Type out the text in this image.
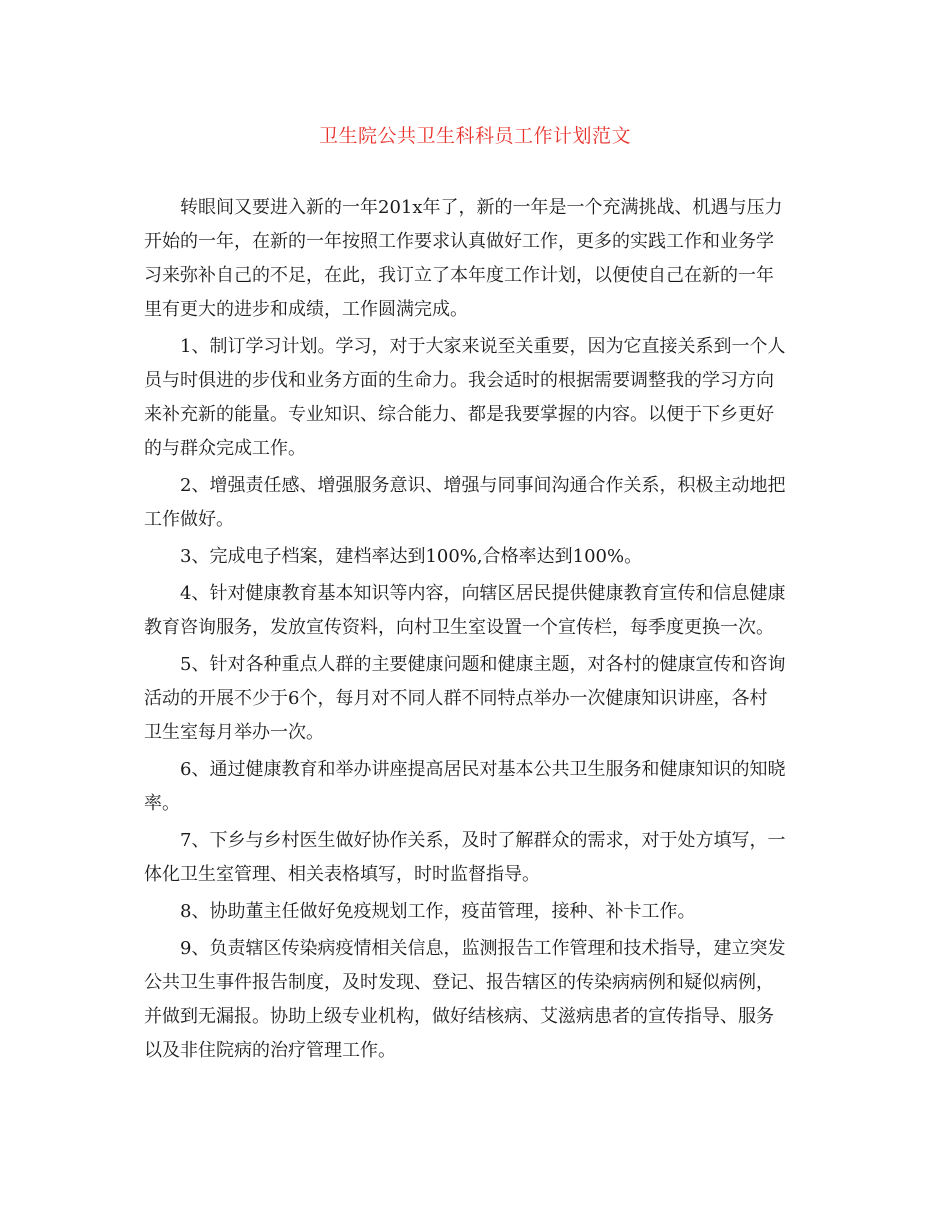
卫生院公共卫生科科员工作计划范文

转眼间又要进入新的一年201x年了，新的一年是一个充满挑战、机遇与压力
开始的一年，在新的一年按照工作要求认真做好工作，更多的实践工作和业务学
习来弥补自己的不足，在此，我订立了本年度工作计划，以便使自己在新的一年
里有更大的进步和成绩，工作圆满完成。

1、制订学习计划。学习，对于大家来说至关重要，因为它直接关系到一个人
员与时俱进的步伐和业务方面的生命力。我会适时的根据需要调整我的学习方向
来补充新的能量。专业知识、综合能力、都是我要掌握的内容。以便于下乡更好
的与群众完成工作。

2、增强责任感、增强服务意识、增强与同事间沟通合作关系，积极主动地把
工作做好。

3、完成电子档案，建档率达到100%,合格率达到100%。

4、针对健康教育基本知识等内容，向辖区居民提供健康教育宣传和信息健康
教育咨询服务，发放宣传资料，向村卫生室设置一个宣传栏，每季度更换一次。

5、针对各种重点人群的主要健康问题和健康主题，对各村的健康宣传和咨询
活动的开展不少于6个，每月对不同人群不同特点举办一次健康知识讲座，各村
卫生室每月举办一次。

6、通过健康教育和举办讲座提高居民对基本公共卫生服务和健康知识的知晓
率。

7、下乡与乡村医生做好协作关系，及时了解群众的需求，对于处方填写，一
体化卫生室管理、相关表格填写，时时监督指导。

8、协助董主任做好免疫规划工作，疫苗管理，接种、补卡工作。

9、负责辖区传染病疫情相关信息，监测报告工作管理和技术指导，建立突发
公共卫生事件报告制度，及时发现、登记、报告辖区的传染病病例和疑似病例，
并做到无漏报。协助上级专业机构，做好结核病、艾滋病患者的宣传指导、服务
以及非住院病的治疗管理工作。
